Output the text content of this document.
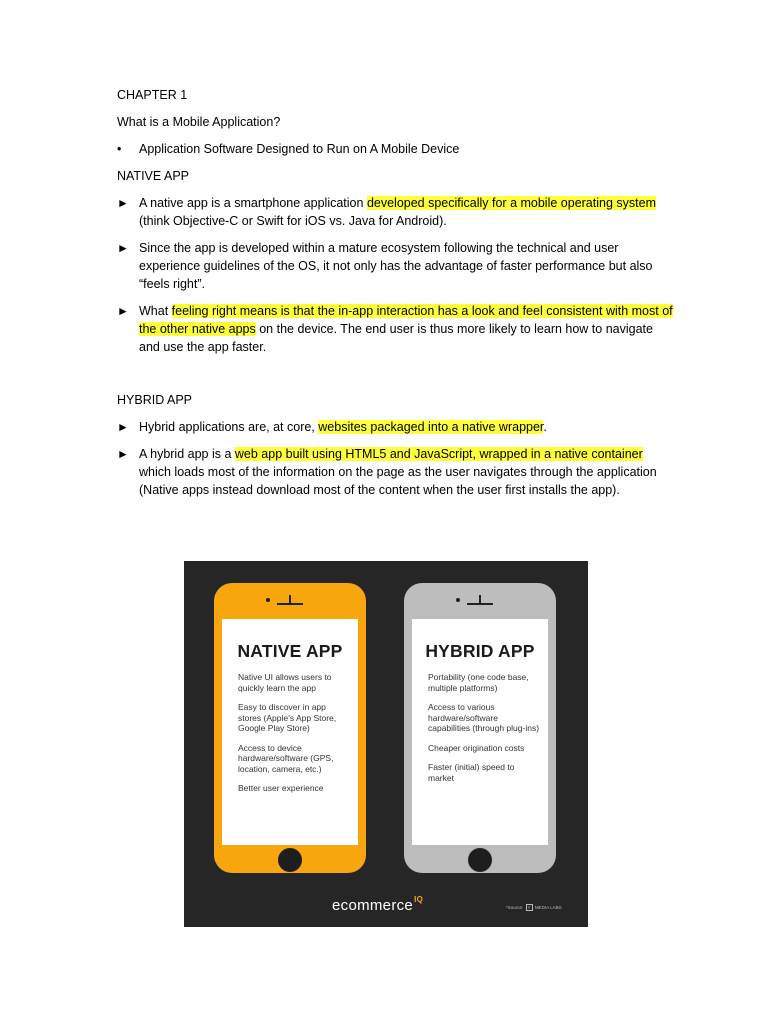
CHAPTER 1

What is a Mobile Application?

• Application Software Designed to Run on A Mobile Device

NATIVE APP

► A native app is a smartphone application developed specifically for a mobile operating system (think Objective-C or Swift for iOS vs. Java for Android).

► Since the app is developed within a mature ecosystem following the technical and user experience guidelines of the OS, it not only has the advantage of faster performance but also “feels right”.

► What feeling right means is that the in-app interaction has a look and feel consistent with most of the other native apps on the device. The end user is thus more likely to learn how to navigate and use the app faster.

HYBRID APP

► Hybrid applications are, at core, websites packaged into a native wrapper.

► A hybrid app is a web app built using HTML5 and JavaScript, wrapped in a native container which loads most of the information on the page as the user navigates through the application (Native apps instead download most of the content when the user first installs the app).

NATIVE APP
Native UI allows users to quickly learn the app
Easy to discover in app stores (Apple’s App Store, Google Play Store)
Access to device hardware/software (GPS, location, camera, etc.)
Better user experience
HYBRID APP
Portability (one code base, multiple platforms)
Access to various hardware/software capabilities (through plug-ins)
Cheaper origination costs
Faster (initial) speed to market
ecommerce$^{IQ}$
*Source: Y MEDIA LABS
